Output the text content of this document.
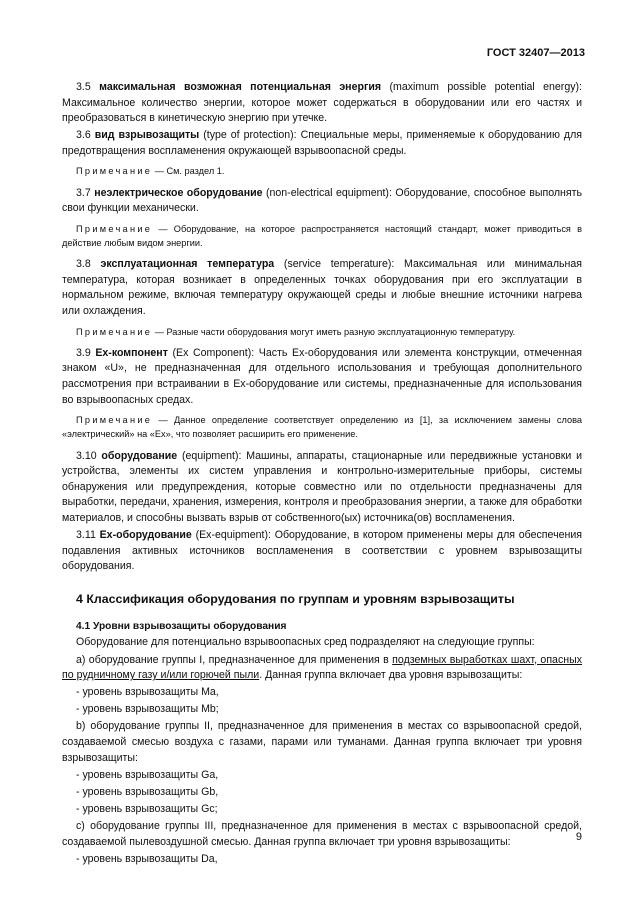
ГОСТ 32407—2013

3.5 максимальная возможная потенциальная энергия (maximum possible potential energy): Максимальное количество энергии, которое может содержаться в оборудовании или его частях и преобразоваться в кинетическую энергию при утечке.

3.6 вид взрывозащиты (type of protection): Специальные меры, применяемые к оборудованию для предотвращения воспламенения окружающей взрывоопасной среды.

Примечание — См. раздел 1.

3.7 неэлектрическое оборудование (non-electrical equipment): Оборудование, способное выполнять свои функции механически.

Примечание — Оборудование, на которое распространяется настоящий стандарт, может приводиться в действие любым видом энергии.

3.8 эксплуатационная температура (service temperature): Максимальная или минимальная температура, которая возникает в определенных точках оборудования при его эксплуатации в нормальном режиме, включая температуру окружающей среды и любые внешние источники нагрева или охлаждения.

Примечание — Разные части оборудования могут иметь разную эксплуатационную температуру.

3.9 Ex-компонент (Ex Component): Часть Ex-оборудования или элемента конструкции, отмеченная знаком «U», не предназначенная для отдельного использования и требующая дополнительного рассмотрения при встраивании в Ex-оборудование или системы, предназначенные для использования во взрывоопасных средах.

Примечание — Данное определение соответствует определению из [1], за исключением замены слова «электрический» на «Ex», что позволяет расширить его применение.

3.10 оборудование (equipment): Машины, аппараты, стационарные или передвижные установки и устройства, элементы их систем управления и контрольно-измерительные приборы, системы обнаружения или предупреждения, которые совместно или по отдельности предназначены для выработки, передачи, хранения, измерения, контроля и преобразования энергии, а также для обработки материалов, и способны вызвать взрыв от собственного(ых) источника(ов) воспламенения.

3.11 Ex-оборудование (Ex-equipment): Оборудование, в котором применены меры для обеспечения подавления активных источников воспламенения в соответствии с уровнем взрывозащиты оборудования.

4 Классификация оборудования по группам и уровням взрывозащиты
4.1 Уровни взрывозащиты оборудования

Оборудование для потенциально взрывоопасных сред подразделяют на следующие группы:

а) оборудование группы I, предназначенное для применения в подземных выработках шахт, опасных по рудничному газу и/или горючей пыли. Данная группа включает два уровня взрывозащиты:

- уровень взрывозащиты Ma,

- уровень взрывозащиты Mb;

b) оборудование группы II, предназначенное для применения в местах со взрывоопасной средой, создаваемой смесью воздуха с газами, парами или туманами. Данная группа включает три уровня взрывозащиты:

- уровень взрывозащиты Ga,

- уровень взрывозащиты Gb,

- уровень взрывозащиты Gc;

с) оборудование группы III, предназначенное для применения в местах с взрывоопасной средой, создаваемой пылевоздушной смесью. Данная группа включает три уровня взрывозащиты:

- уровень взрывозащиты Da,

9
